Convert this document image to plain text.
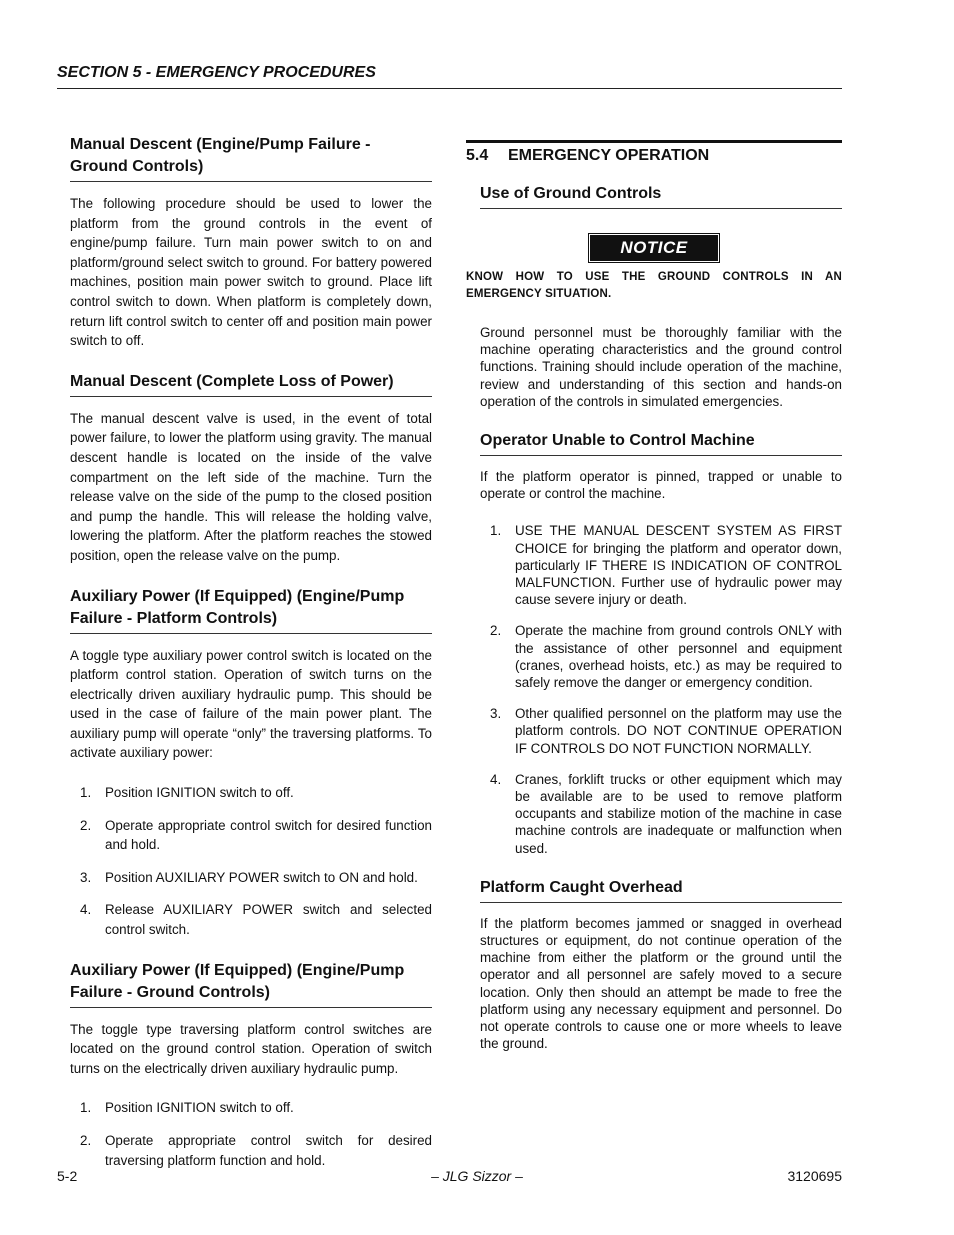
SECTION 5 - EMERGENCY PROCEDURES
Manual Descent (Engine/Pump Failure - Ground Controls)

The following procedure should be used to lower the platform from the ground controls in the event of engine/pump failure. Turn main power switch to on and platform/ground select switch to ground. For battery powered machines, position main power switch to ground. Place lift control switch to down. When platform is completely down, return lift control switch to center off and position main power switch to off.

Manual Descent (Complete Loss of Power)

The manual descent valve is used, in the event of total power failure, to lower the platform using gravity. The manual descent handle is located on the inside of the valve compartment on the left side of the machine. Turn the release valve on the side of the pump to the closed position and pump the handle. This will release the holding valve, lowering the platform. After the platform reaches the stowed position, open the release valve on the pump.

Auxiliary Power (If Equipped) (Engine/Pump Failure - Platform Controls)

A toggle type auxiliary power control switch is located on the platform control station. Operation of switch turns on the electrically driven auxiliary hydraulic pump. This should be used in the case of failure of the main power plant. The auxiliary pump will operate “only” the traversing platforms. To activate auxiliary power:

1. Position IGNITION switch to off.
2. Operate appropriate control switch for desired function and hold.
3. Position AUXILIARY POWER switch to ON and hold.
4. Release AUXILIARY POWER switch and selected control switch.
Auxiliary Power (If Equipped) (Engine/Pump Failure - Ground Controls)

The toggle type traversing platform control switches are located on the ground control station. Operation of switch turns on the electrically driven auxiliary hydraulic pump.

1. Position IGNITION switch to off.
2. Operate appropriate control switch for desired traversing platform function and hold.
5.4 EMERGENCY OPERATION
Use of Ground Controls
NOTICE
KNOW HOW TO USE THE GROUND CONTROLS IN AN EMERGENCY SITUATION.

Ground personnel must be thoroughly familiar with the machine operating characteristics and the ground control functions. Training should include operation of the machine, review and understanding of this section and hands-on operation of the controls in simulated emergencies.

Operator Unable to Control Machine

If the platform operator is pinned, trapped or unable to operate or control the machine.

1. USE THE MANUAL DESCENT SYSTEM AS FIRST CHOICE for bringing the platform and operator down, particularly IF THERE IS INDICATION OF CONTROL MALFUNCTION. Further use of hydraulic power may cause severe injury or death.
2. Operate the machine from ground controls ONLY with the assistance of other personnel and equipment (cranes, overhead hoists, etc.) as may be required to safely remove the danger or emergency condition.
3. Other qualified personnel on the platform may use the platform controls. DO NOT CONTINUE OPERATION IF CONTROLS DO NOT FUNCTION NORMALLY.
4. Cranes, forklift trucks or other equipment which may be available are to be used to remove platform occupants and stabilize motion of the machine in case machine controls are inadequate or malfunction when used.
Platform Caught Overhead

If the platform becomes jammed or snagged in overhead structures or equipment, do not continue operation of the machine from either the platform or the ground until the operator and all personnel are safely moved to a secure location. Only then should an attempt be made to free the platform using any necessary equipment and personnel. Do not operate controls to cause one or more wheels to leave the ground.

5-2	– JLG Sizzor –	3120695
